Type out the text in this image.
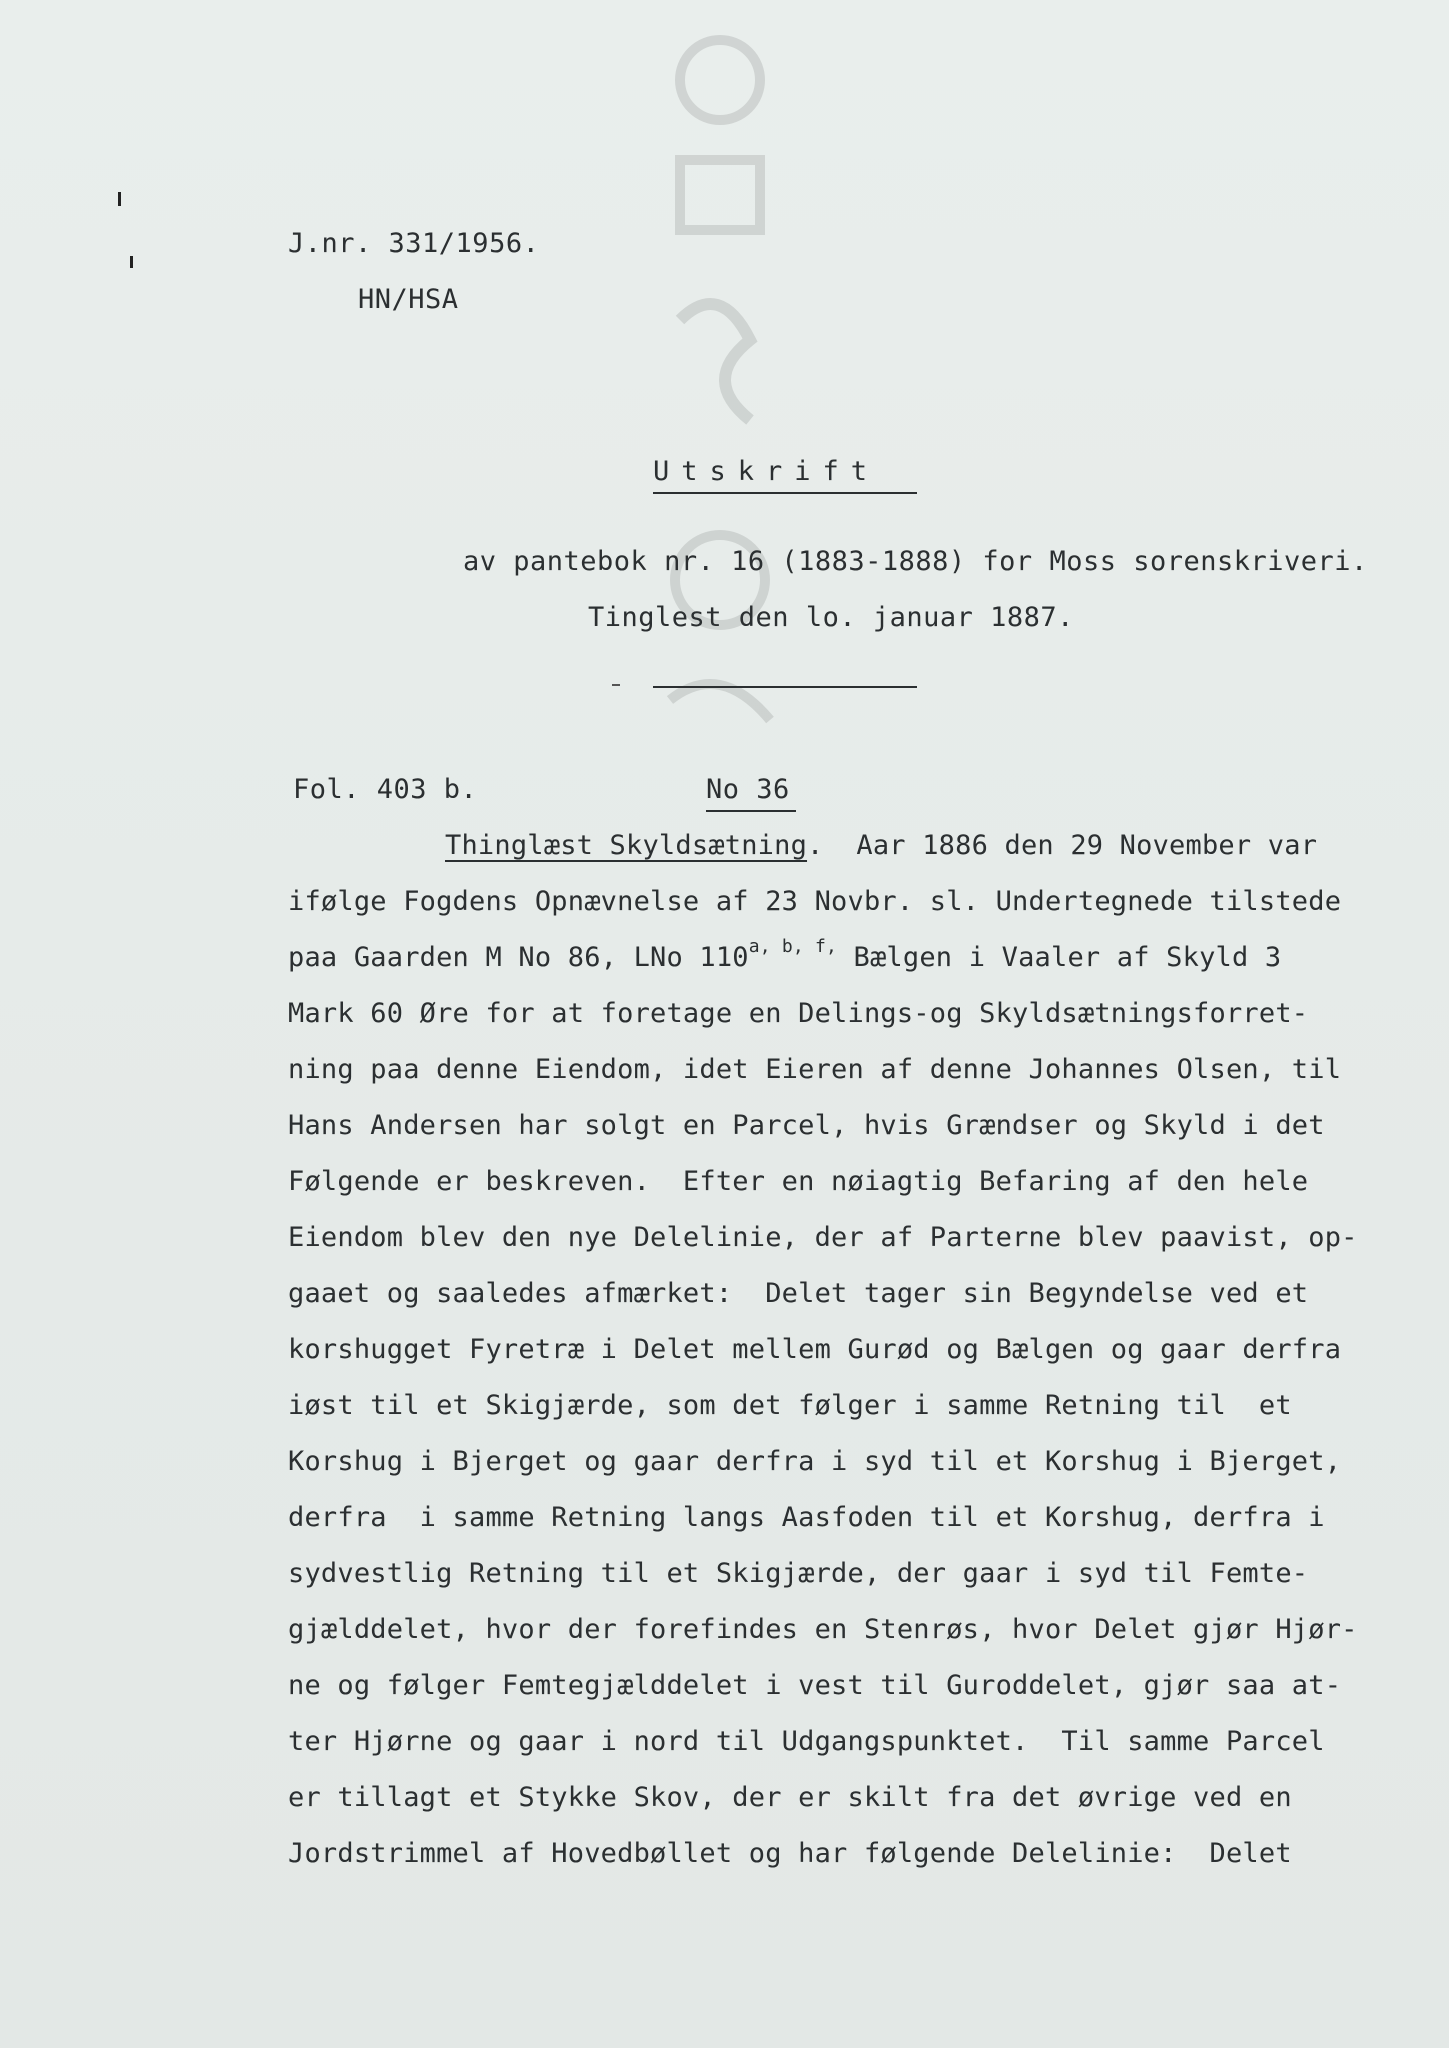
J.nr. 331/1956.
HN/HSA
Utskrift
av pantebok nr. 16 (1883-1888) for Moss sorenskriveri.
Tinglest den lo. januar 1887.
Fol. 403 b.	No 36
Thinglæst Skyldsætning.  Aar 1886 den 29 November var
ifølge Fogdens Opnævnelse af 23 Novbr. sl. Undertegnede tilstede
paa Gaarden M No 86, LNo $110^{a, b, f,}$ Bælgen i Vaaler af Skyld 3
Mark 60 Øre for at foretage en Delings-og Skyldsætningsforret-
ning paa denne Eiendom, idet Eieren af denne Johannes Olsen, til
Hans Andersen har solgt en Parcel, hvis Grændser og Skyld i det
Følgende er beskreven.  Efter en nøiagtig Befaring af den hele
Eiendom blev den nye Delelinie, der af Parterne blev paavist, op-
gaaet og saaledes afmærket:  Delet tager sin Begyndelse ved et
korshugget Fyretræ i Delet mellem Gurød og Bælgen og gaar derfra
iøst til et Skigjærde, som det følger i samme Retning til  et
Korshug i Bjerget og gaar derfra i syd til et Korshug i Bjerget,
derfra  i samme Retning langs Aasfoden til et Korshug, derfra i
sydvestlig Retning til et Skigjærde, der gaar i syd til Femte-
gjælddelet, hvor der forefindes en Stenrøs, hvor Delet gjør Hjør-
ne og følger Femtegjælddelet i vest til Guroddelet, gjør saa at-
ter Hjørne og gaar i nord til Udgangspunktet.  Til samme Parcel
er tillagt et Stykke Skov, der er skilt fra det øvrige ved en
Jordstrimmel af Hovedbøllet og har følgende Delelinie:  Delet
